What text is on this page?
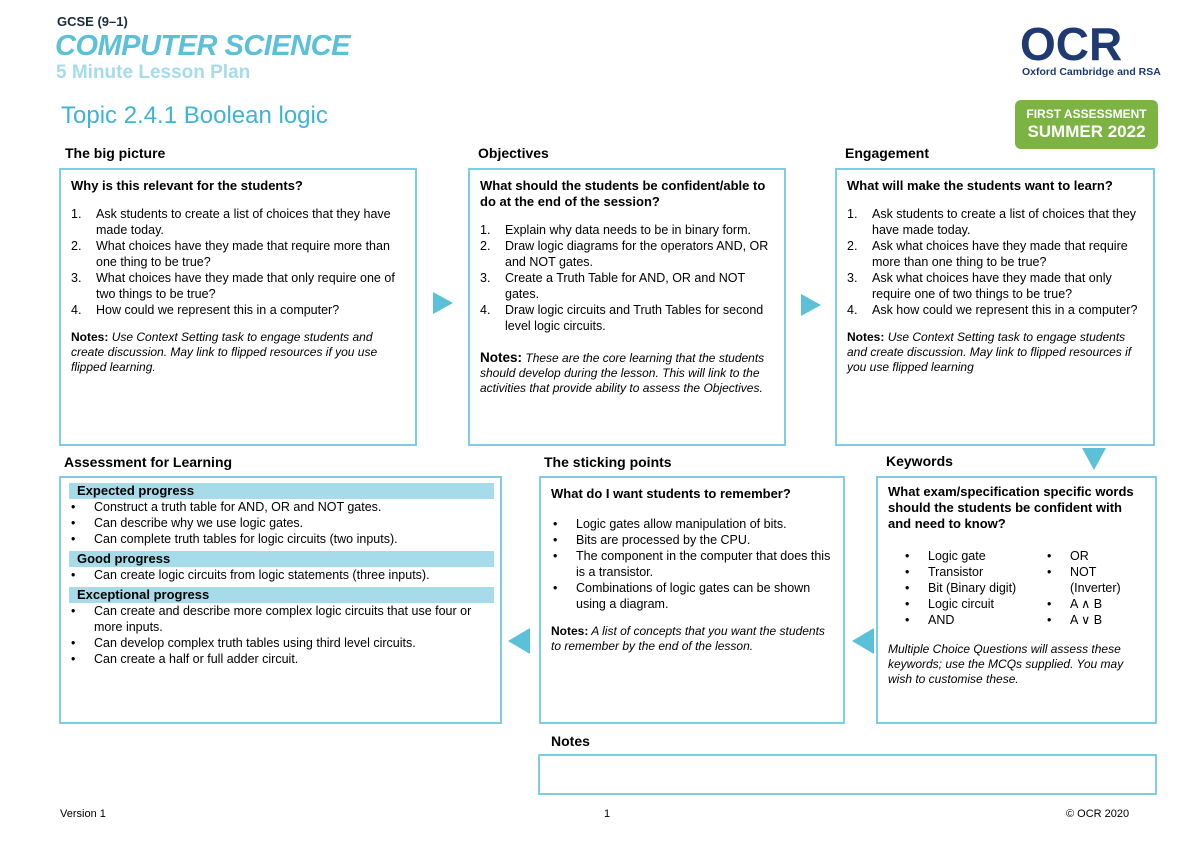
GCSE (9–1)
COMPUTER SCIENCE
5 Minute Lesson Plan
Topic 2.4.1 Boolean logic
OCR
Oxford Cambridge and RSA
FIRST ASSESSMENT
SUMMER 2022
The big picture	Objectives	Engagement
Why is this relevant for the students?
1. Ask students to create a list of choices that they have made today.
2. What choices have they made that require more than one thing to be true?
3. What choices have they made that only require one of two things to be true?
4. How could we represent this in a computer?
Notes: Use Context Setting task to engage students and create discussion. May link to flipped resources if you use flipped learning.
What should the students be confident/able to do at the end of the session?
1. Explain why data needs to be in binary form.
2. Draw logic diagrams for the operators AND, OR and NOT gates.
3. Create a Truth Table for AND, OR and NOT gates.
4. Draw logic circuits and Truth Tables for second level logic circuits.
Notes: These are the core learning that the students should develop during the lesson. This will link to the activities that provide ability to assess the Objectives.
What will make the students want to learn?
1. Ask students to create a list of choices that they have made today.
2. Ask what choices have they made that require more than one thing to be true?
3. Ask what choices have they made that only require one of two things to be true?
4. Ask how could we represent this in a computer?
Notes: Use Context Setting task to engage students and create discussion. May link to flipped resources if you use flipped learning
Assessment for Learning	The sticking points	Keywords
Expected progress
• Construct a truth table for AND, OR and NOT gates.
• Can describe why we use logic gates.
• Can complete truth tables for logic circuits (two inputs).
Good progress
• Can create logic circuits from logic statements (three inputs).
Exceptional progress
• Can create and describe more complex logic circuits that use four or more inputs.
• Can develop complex truth tables using third level circuits.
• Can create a half or full adder circuit.
What do I want students to remember?
• Logic gates allow manipulation of bits.
• Bits are processed by the CPU.
• The component in the computer that does this is a transistor.
• Combinations of logic gates can be shown using a diagram.
Notes: A list of concepts that you want the students to remember by the end of the lesson.
What exam/specification specific words should the students be confident with and need to know?
• Logic gate
• Transistor
• Bit (Binary digit)
• Logic circuit
• AND
• OR
• NOT (Inverter)
• A ∧ B
• A ∨ B
Multiple Choice Questions will assess these keywords; use the MCQs supplied. You may wish to customise these.
Notes
Version 1	1	© OCR 2020
